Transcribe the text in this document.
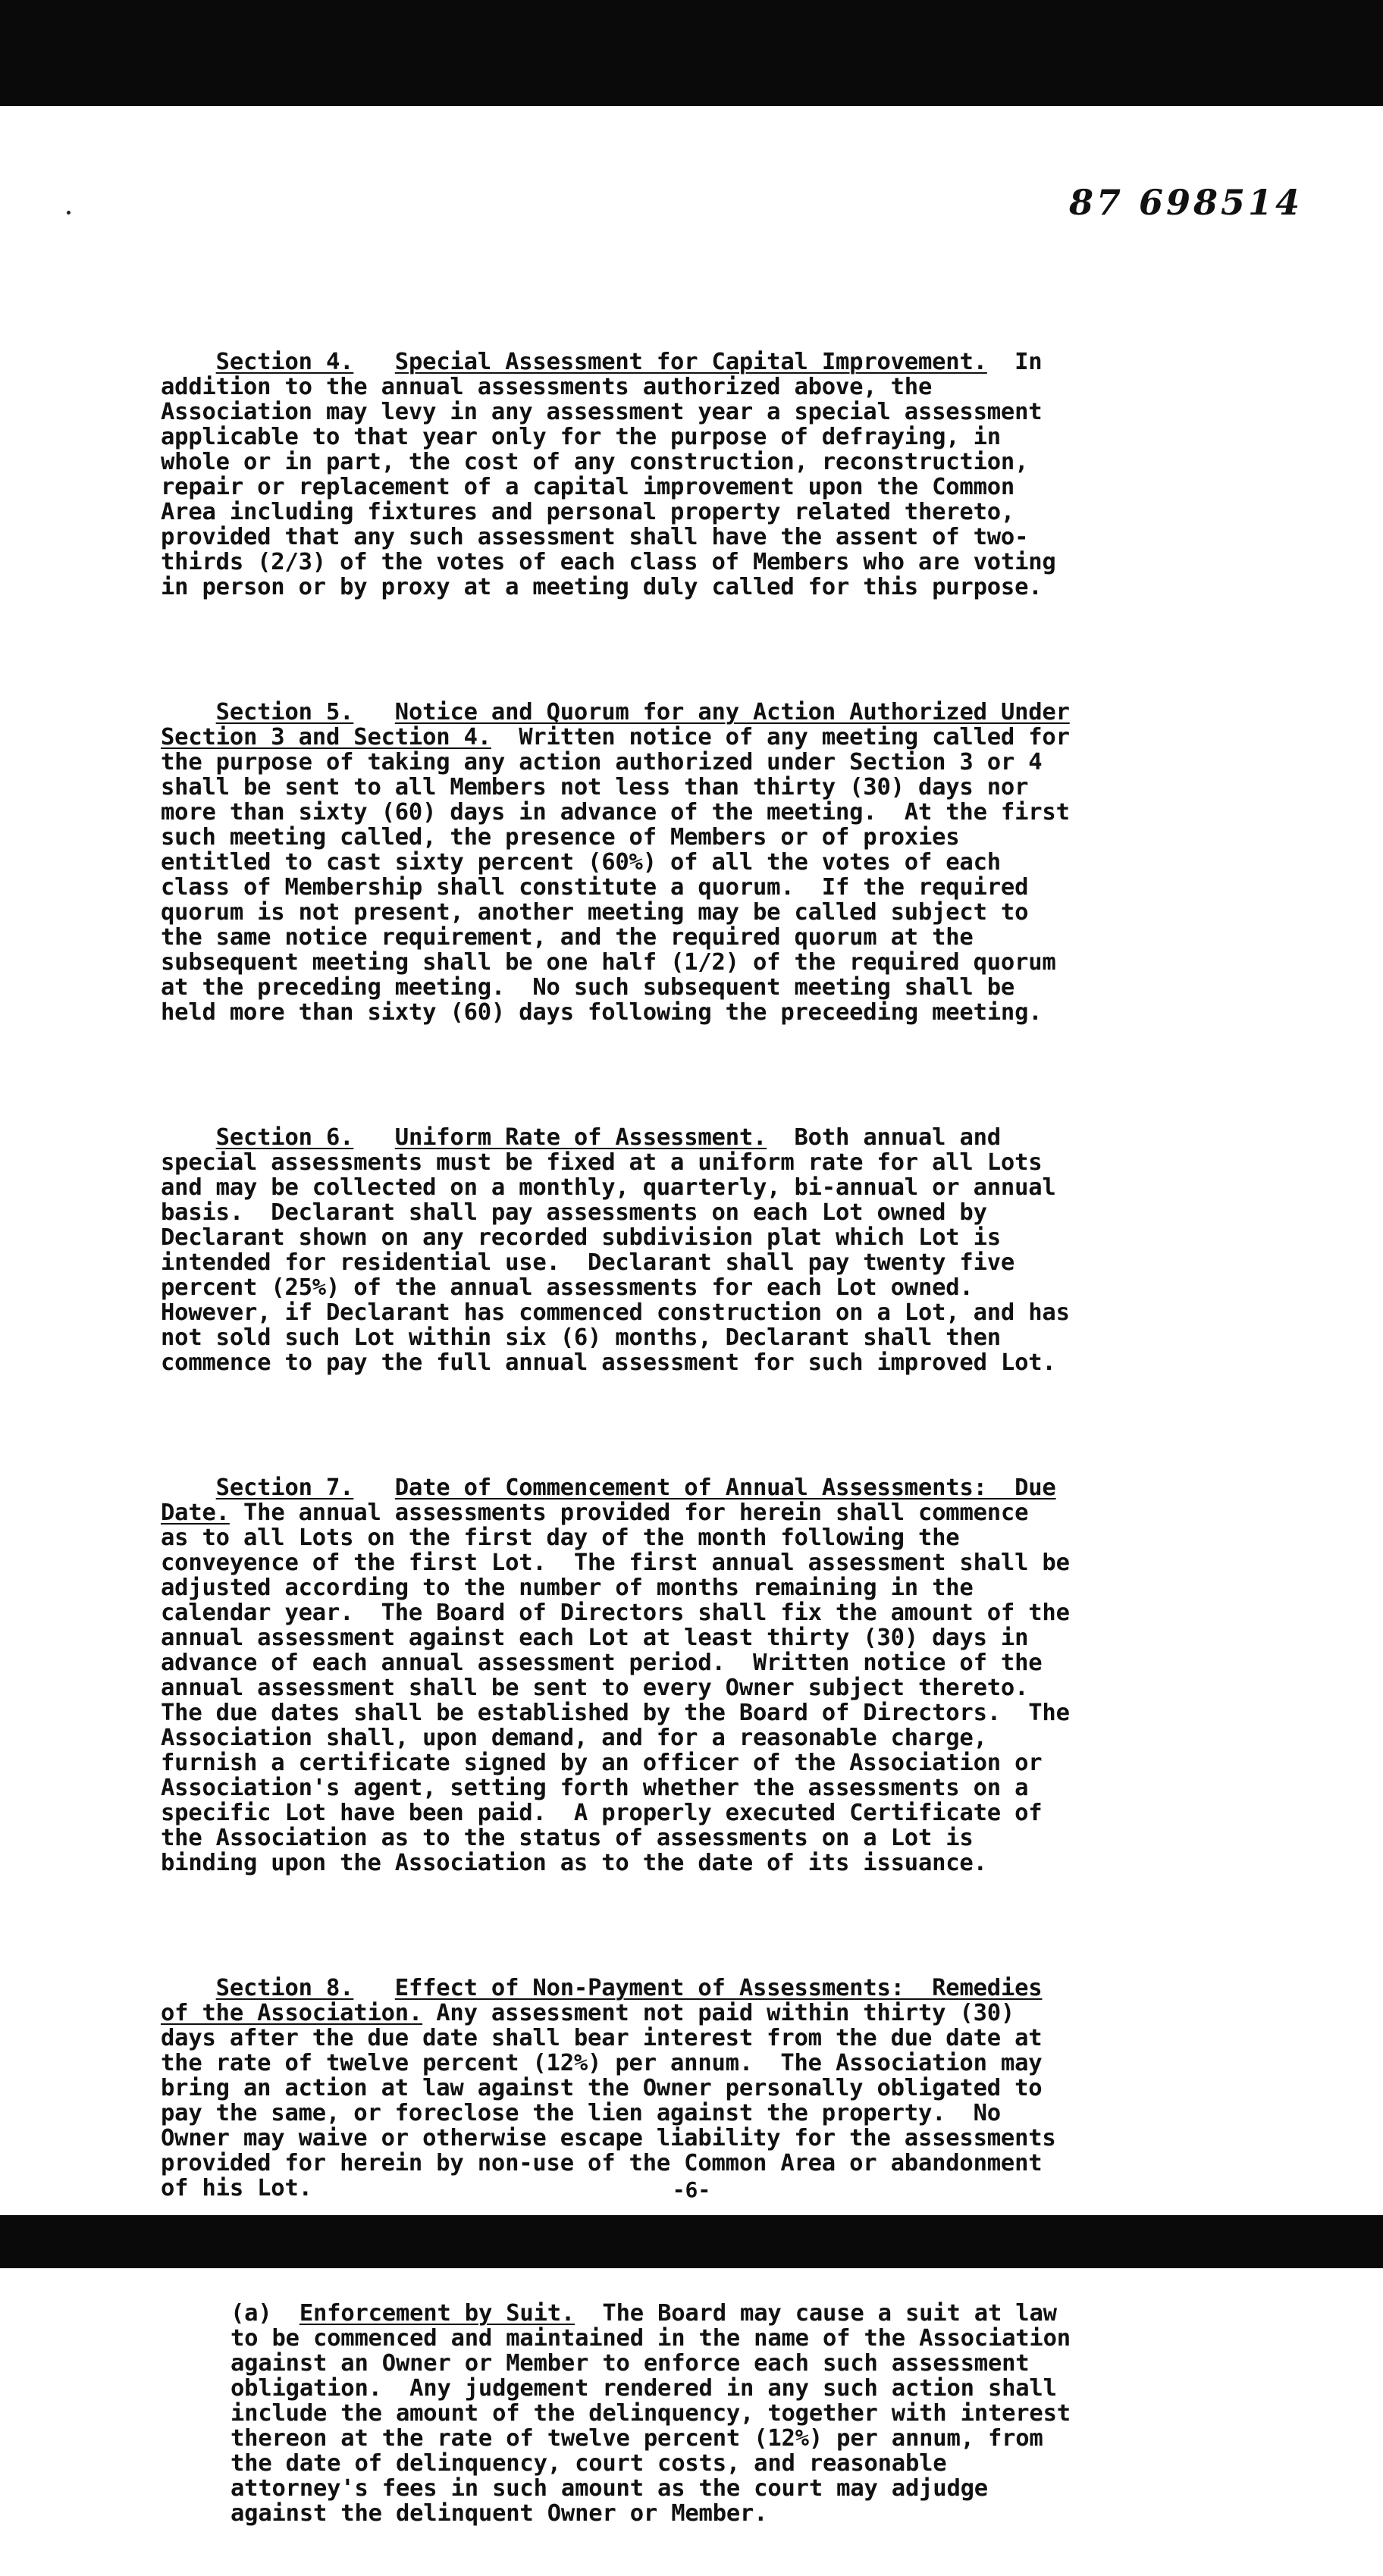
87 698514

Section 4. Special Assessment for Capital Improvement. In
addition to the annual assessments authorized above, the
Association may levy in any assessment year a special assessment
applicable to that year only for the purpose of defraying, in
whole or in part, the cost of any construction, reconstruction,
repair or replacement of a capital improvement upon the Common
Area including fixtures and personal property related thereto,
provided that any such assessment shall have the assent of two-
thirds (2/3) of the votes of each class of Members who are voting
in person or by proxy at a meeting duly called for this purpose.

Section 5. Notice and Quorum for any Action Authorized Under
Section 3 and Section 4. Written notice of any meeting called for
the purpose of taking any action authorized under Section 3 or 4
shall be sent to all Members not less than thirty (30) days nor
more than sixty (60) days in advance of the meeting.  At the first
such meeting called, the presence of Members or of proxies
entitled to cast sixty percent (60%) of all the votes of each
class of Membership shall constitute a quorum.  If the required
quorum is not present, another meeting may be called subject to
the same notice requirement, and the required quorum at the
subsequent meeting shall be one half (1/2) of the required quorum
at the preceding meeting.  No such subsequent meeting shall be
held more than sixty (60) days following the preceeding meeting.

Section 6. Uniform Rate of Assessment. Both annual and
special assessments must be fixed at a uniform rate for all Lots
and may be collected on a monthly, quarterly, bi-annual or annual
basis.  Declarant shall pay assessments on each Lot owned by
Declarant shown on any recorded subdivision plat which Lot is
intended for residential use.  Declarant shall pay twenty five
percent (25%) of the annual assessments for each Lot owned.
However, if Declarant has commenced construction on a Lot, and has
not sold such Lot within six (6) months, Declarant shall then
commence to pay the full annual assessment for such improved Lot.

Section 7. Date of Commencement of Annual Assessments:  Due
Date. The annual assessments provided for herein shall commence
as to all Lots on the first day of the month following the
conveyence of the first Lot.  The first annual assessment shall be
adjusted according to the number of months remaining in the
calendar year.  The Board of Directors shall fix the amount of the
annual assessment against each Lot at least thirty (30) days in
advance of each annual assessment period.  Written notice of the
annual assessment shall be sent to every Owner subject thereto.
The due dates shall be established by the Board of Directors.  The
Association shall, upon demand, and for a reasonable charge,
furnish a certificate signed by an officer of the Association or
Association's agent, setting forth whether the assessments on a
specific Lot have been paid.  A properly executed Certificate of
the Association as to the status of assessments on a Lot is
binding upon the Association as to the date of its issuance.

Section 8. Effect of Non-Payment of Assessments:  Remedies
of the Association. Any assessment not paid within thirty (30)
days after the due date shall bear interest from the due date at
the rate of twelve percent (12%) per annum.  The Association may
bring an action at law against the Owner personally obligated to
pay the same, or foreclose the lien against the property.  No
Owner may waive or otherwise escape liability for the assessments
provided for herein by non-use of the Common Area or abandonment
of his Lot.

(a) Enforcement by Suit. The Board may cause a suit at law
to be commenced and maintained in the name of the Association
against an Owner or Member to enforce each such assessment
obligation.  Any judgement rendered in any such action shall
include the amount of the delinquency, together with interest
thereon at the rate of twelve percent (12%) per annum, from
the date of delinquency, court costs, and reasonable
attorney's fees in such amount as the court may adjudge
against the delinquent Owner or Member.

-6-
